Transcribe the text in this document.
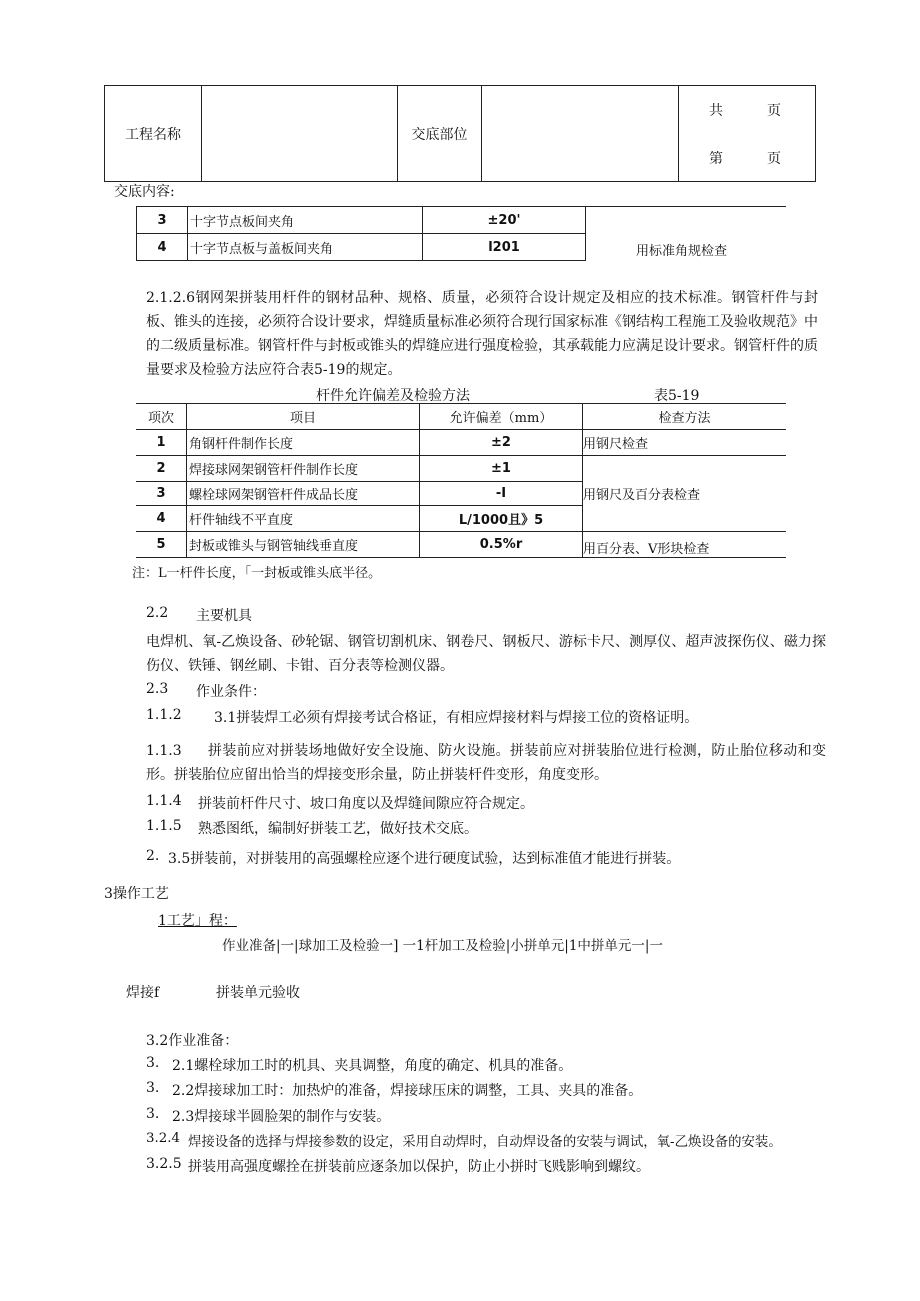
工程名称		交底部位		
共	页
第	页
交底内容:
3	十字节点板间夹角	±20'	用标准角规检查
4	十字节点板与盖板间夹角	l201	
2.1.2.6钢网架拼装用杆件的钢材品种、规格、质量，必须符合设计规定及相应的技术标准。钢管杆件与封板、锥头的连接，必须符合设计要求，焊缝质量标准必须符合现行国家标准《钢结构工程施工及验收规范》中的二级质量标准。钢管杆件与封板或锥头的焊缝应进行强度检验，其承载能力应满足设计要求。钢管杆件的质量要求及检验方法应符合表5-19的规定。
杆件允许偏差及检验方法	表5-19
项次	项目	允许偏差（mm）	检查方法
1	角钢杆件制作长度	±2	用钢尺检查
2	焊接球网架钢管杆件制作长度	±1	用钢尺及百分表检查
3	螺栓球网架钢管杆件成品长度	-I	
4	杆件轴线不平直度	L/1000且》5	
5	封板或锥头与钢管轴线垂直度	0.5%r	用百分表、V形块检查
注：L一杆件长度，「一封板或锥头底半径。
2.2 主要机具
电焊机、氧-乙焕设备、砂轮锯、钢管切割机床、钢卷尺、钢板尺、游标卡尺、测厚仪、超声波探伤仪、磁力探伤仪、铁锤、钢丝刷、卡钳、百分表等检测仪器。
2.3 作业条件：
1.1.2 3.1拼装焊工必须有焊接考试合格证，有相应焊接材料与焊接工位的资格证明。
1.1.3 拼装前应对拼装场地做好安全设施、防火设施。拼装前应对拼装胎位进行检测，防止胎位移动和变形。拼装胎位应留出恰当的焊接变形余量，防止拼装杆件变形，角度变形。
1.1.4 拼装前杆件尺寸、坡口角度以及焊缝间隙应符合规定。
1.1.5 熟悉图纸，编制好拼装工艺，做好技术交底。
2. 3.5拼装前，对拼装用的高强螺栓应逐个进行硬度试验，达到标准值才能进行拼装。
3操作工艺
1工艺」程：
作业准备|一|球加工及检验一] 一1杆加工及检验|小拼单元|1中拼单元一|一
焊接f	拼装单元验收
3.2作业准备：
3. 2.1螺栓球加工时的机具、夹具调整，角度的确定、机具的准备。
3. 2.2焊接球加工时：加热炉的准备，焊接球压床的调整，工具、夹具的准备。
3. 2.3焊接球半圆脸架的制作与安装。
3.2.4 焊接设备的选择与焊接参数的设定，采用自动焊时，自动焊设备的安装与调试，氧-乙焕设备的安装。
3.2.5 拼装用高强度螺拴在拼装前应逐条加以保护，防止小拼时飞贱影响到螺纹。
